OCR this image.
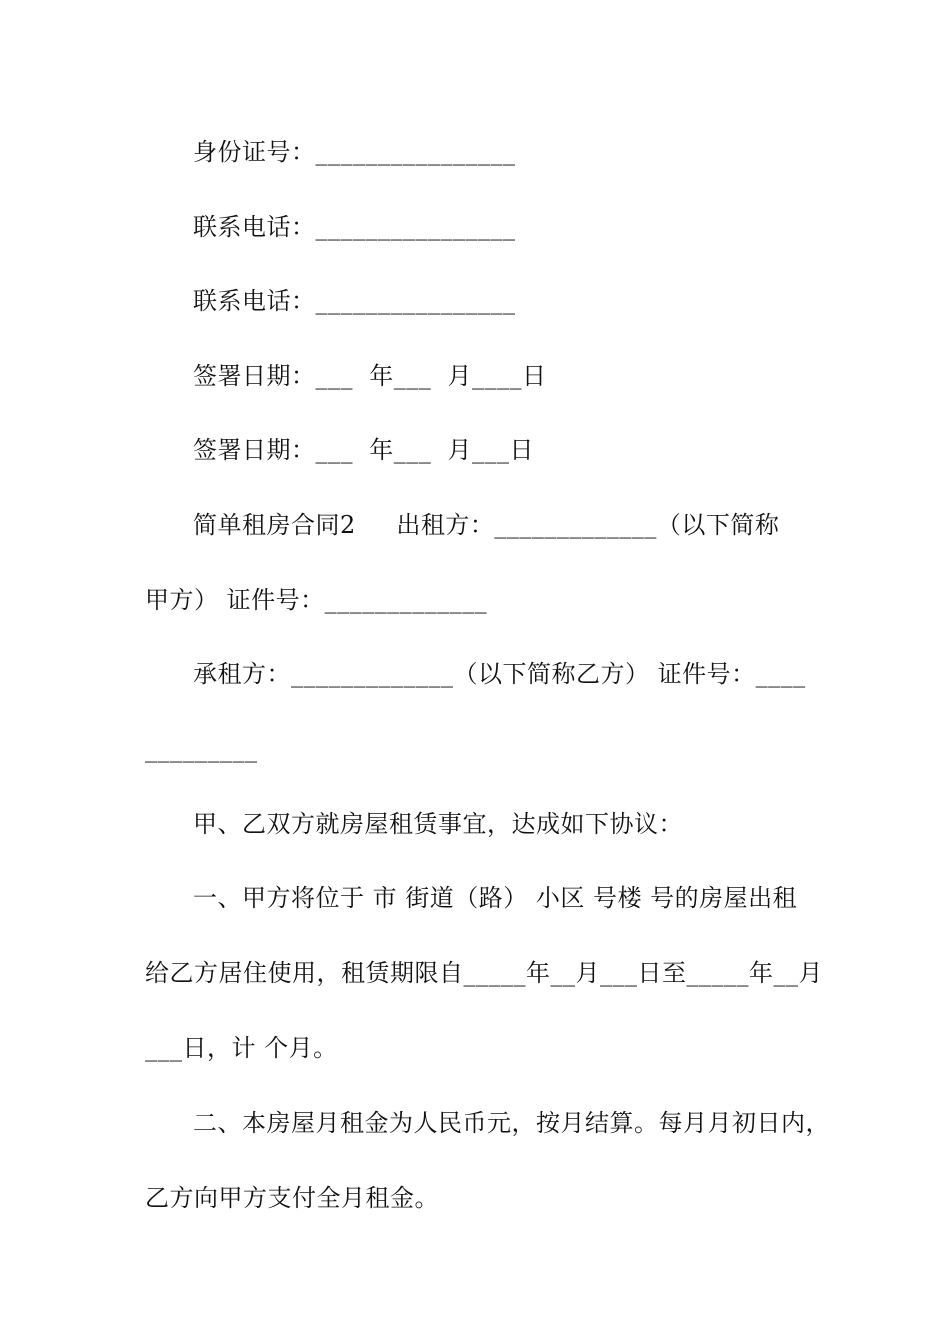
身份证号：________________
联系电话：________________
联系电话：________________
签署日期：___  年___  月____日
签署日期：___  年___  月___日
简单租房合同2     出租方：_____________（以下简称
甲方） 证件号：_____________
承租方：_____________（以下简称乙方） 证件号：____
_________
甲、乙双方就房屋租赁事宜，达成如下协议：
一、甲方将位于 市 街道（路） 小区 号楼 号的房屋出租
给乙方居住使用，租赁期限自_____年__月___日至_____年__月
___日，计 个月。
二、本房屋月租金为人民币元，按月结算。每月月初日内，
乙方向甲方支付全月租金。
